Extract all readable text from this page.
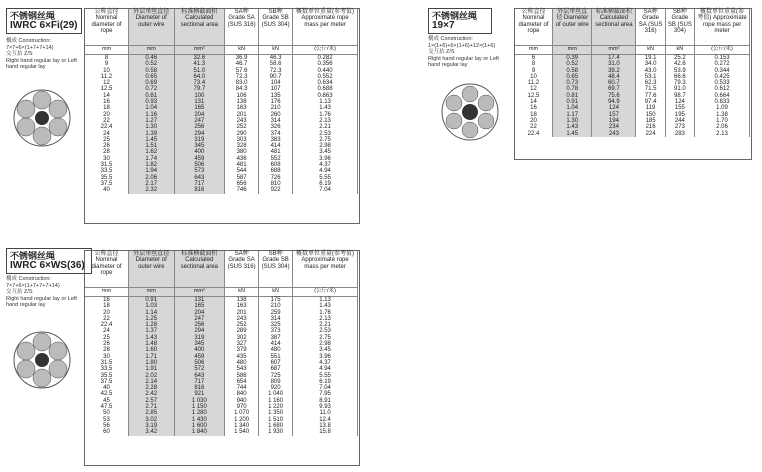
不锈钢丝绳
IWRC 6×Fi(29)
構成 Construction:
7×7+6×(1+7+7+14)
交互拈 Z/S
Right hand regular lay or Left hand regular lay
公称直径 Nominal diameter of rope	外层单丝直径 Diameter of outer wire	标准横截面积 Calculated sectional area	SA种 Grade SA (SUS 316)	SB种 Grade SB (SUS 304)	概数单位重量(参考值) Approximate rope mass per meter
mm	mm	mm²	kN	kN	(公斤/米)
8	0.46	32.6	36.9	46.3	0.282
9	0.52	41.3	46.7	58.6	0.356
10	0.58	51.0	57.6	72.3	0.440
11.2	0.65	64.0	72.3	90.7	0.552
12	0.69	73.4	83.0	104	0.634
12.5	0.72	79.7	84.3	107	0.688
14	0.81	100	106	135	0.863
16	0.93	131	138	176	1.13
18	1.04	165	163	210	1.43
20	1.16	204	201	260	1.76
22	1.27	247	243	314	2.13
22.4	1.30	256	252	326	2.21
24	1.39	294	290	374	2.53
25	1.45	319	303	383	2.75
26	1.51	345	328	414	2.98
28	1.62	400	380	481	3.45
30	1.74	459	436	552	3.96
31.5	1.82	506	481	608	4.37
33.5	1.94	573	544	688	4.94
35.5	2.06	643	587	726	5.55
37.5	2.17	717	656	810	6.19
40	2.32	816	746	922	7.04
不锈钢丝绳
19×7
構成 Construction:
1×(1+6)+6×(1+6)+12×(1+6)
交互拈 Z/S
Right hand regular lay or Left hand regular lay
公称直径 Nominal diameter of rope	外层单丝直径 Diameter of outer wire	标准横截面积 Calculated sectional area	SA种 Grade SA (SUS 316)	SB种 Grade SB (SUS 304)	概数单位重量(参考值) Approximate rope mass per meter
mm	mm	mm²	kN	kN	(公斤/米)
6	0.39	17.4	19.1	25.2	0.153
8	0.52	31.0	34.0	42.6	0.272
9	0.58	39.2	43.0	53.9	0.344
10	0.65	48.4	53.1	66.6	0.425
11.2	0.73	60.7	62.3	79.3	0.533
12	0.78	69.7	71.5	91.0	0.612
12.5	0.81	75.6	77.6	98.7	0.664
14	0.91	94.9	97.4	124	0.833
16	1.04	124	119	155	1.09
18	1.17	157	150	195	1.38
20	1.30	194	185	244	1.70
22	1.43	234	216	273	2.06
22.4	1.45	243	224	283	2.13
不锈钢丝绳
IWRC 6×WS(36)
構成 Construction:
7×7+6×(1+7+7+7+14)
交互拈 Z/S
Right hand regular lay or Left hand regular lay
公称直径 Nominal diameter of rope	外层单丝直径 Diameter of outer wire	标准横截面积 Calculated sectional area	SA种 Grade SA (SUS 316)	SB种 Grade SB (SUS 304)	概数单位重量(参考值) Approximate rope mass per meter
mm	mm	mm²	kN	kN	(公斤/米)
16	0.91	131	138	175	1.13
18	1.03	165	163	210	1.43
20	1.14	204	201	259	1.76
22	1.25	247	243	314	2.13
22.4	1.28	256	252	325	2.21
24	1.37	294	289	373	2.53
25	1.43	319	302	387	2.75
26	1.48	345	327	414	2.98
28	1.60	400	379	480	3.45
30	1.71	459	435	551	3.96
31.5	1.80	506	480	607	4.37
33.5	1.91	572	543	687	4.94
35.5	2.02	643	586	725	5.55
37.5	2.14	717	654	809	6.19
40	2.28	816	744	920	7.04
42.5	2.42	921	840	1 040	7.95
45	2.57	1 030	940	1 160	8.91
47.5	2.71	1 150	970	1 220	9.93
50	2.85	1 280	1 070	1 350	11.0
53	3.02	1 430	1 200	1 510	12.4
56	3.19	1 600	1 340	1 680	13.8
60	3.42	1 840	1 540	1 930	15.8
